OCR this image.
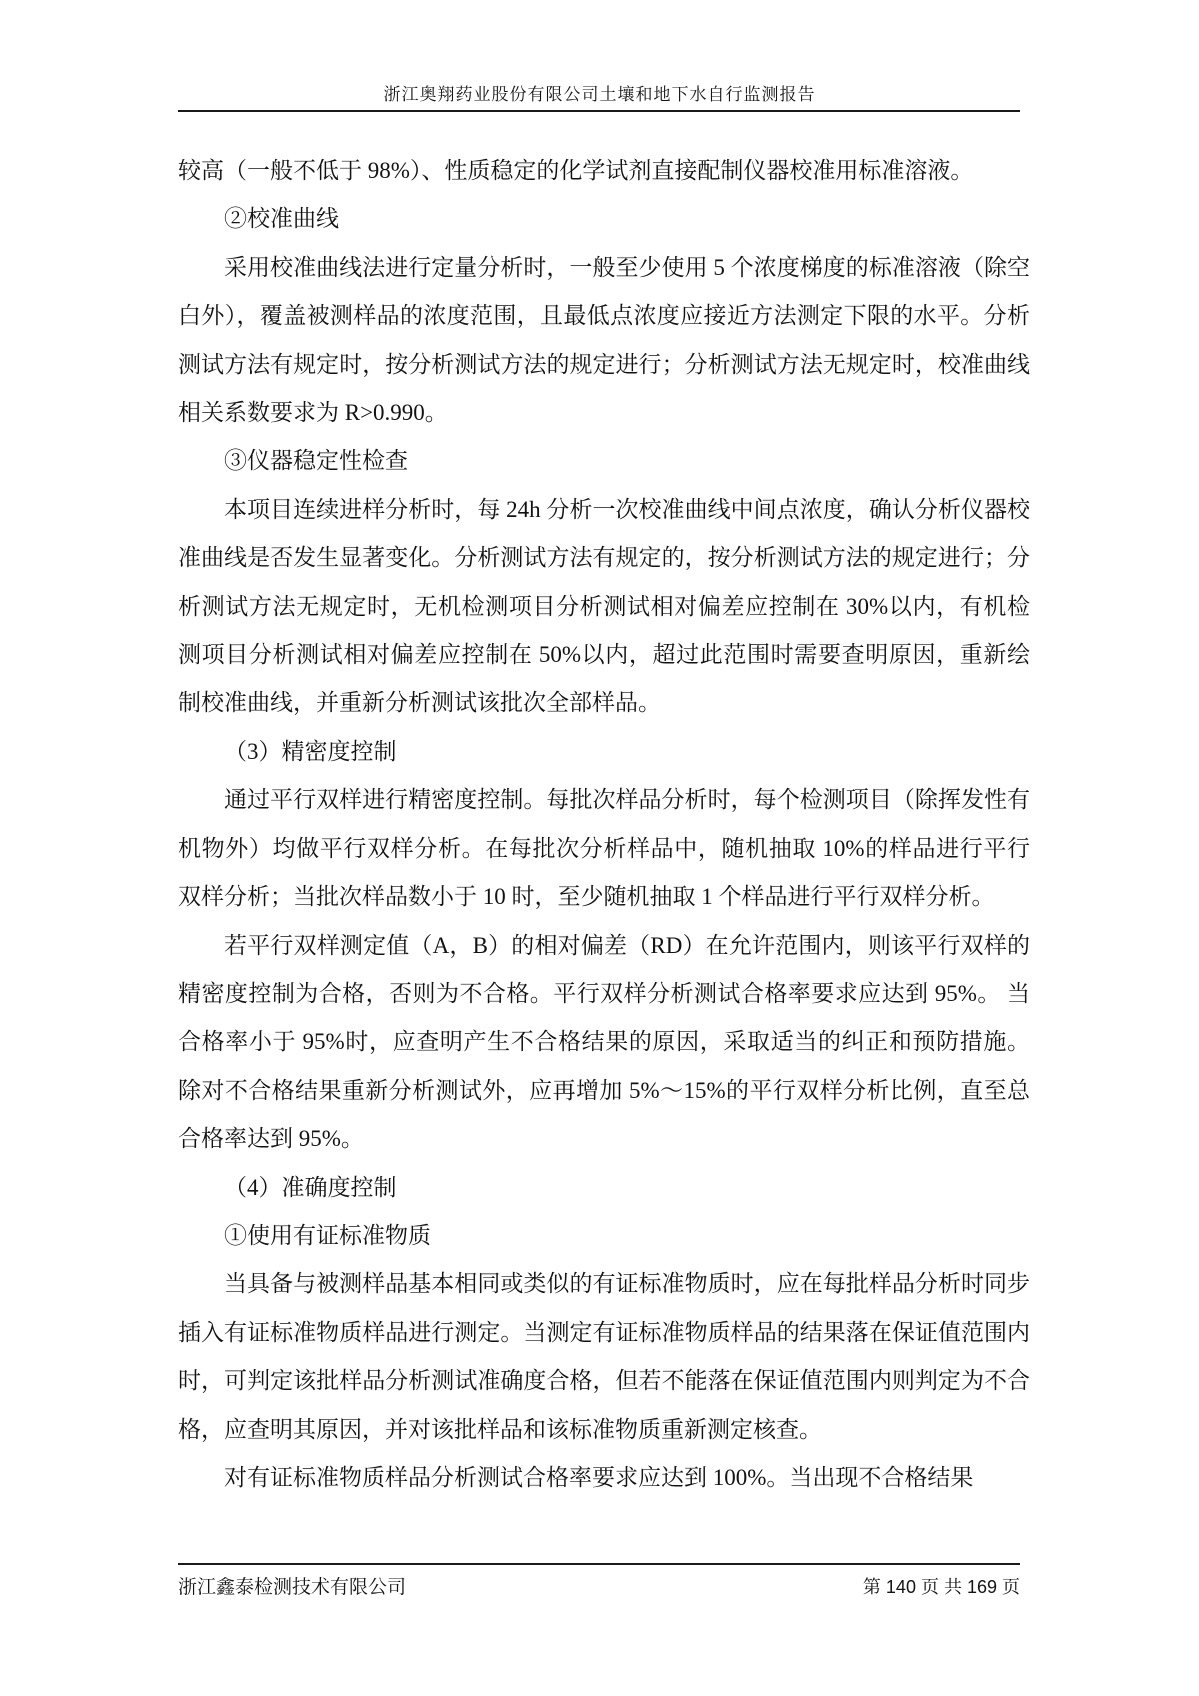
浙江奥翔药业股份有限公司土壤和地下水自行监测报告

较高（一般不低于 98%）、性质稳定的化学试剂直接配制仪器校准用标准溶液。

②校准曲线

采用校准曲线法进行定量分析时，一般至少使用 5 个浓度梯度的标准溶液（除空白外），覆盖被测样品的浓度范围，且最低点浓度应接近方法测定下限的水平。分析测试方法有规定时，按分析测试方法的规定进行；分析测试方法无规定时，校准曲线相关系数要求为 R>0.990。

③仪器稳定性检查

本项目连续进样分析时，每 24h 分析一次校准曲线中间点浓度，确认分析仪器校准曲线是否发生显著变化。分析测试方法有规定的，按分析测试方法的规定进行；分析测试方法无规定时，无机检测项目分析测试相对偏差应控制在 30%以内，有机检测项目分析测试相对偏差应控制在 50%以内，超过此范围时需要查明原因，重新绘制校准曲线，并重新分析测试该批次全部样品。

（3）精密度控制

通过平行双样进行精密度控制。每批次样品分析时，每个检测项目（除挥发性有机物外）均做平行双样分析。在每批次分析样品中，随机抽取 10%的样品进行平行双样分析；当批次样品数小于 10 时，至少随机抽取 1 个样品进行平行双样分析。

若平行双样测定值（A，B）的相对偏差（RD）在允许范围内，则该平行双样的精密度控制为合格，否则为不合格。平行双样分析测试合格率要求应达到 95%。 当合格率小于 95%时，应查明产生不合格结果的原因，采取适当的纠正和预防措施。除对不合格结果重新分析测试外，应再增加 5%～15%的平行双样分析比例，直至总合格率达到 95%。

（4）准确度控制

①使用有证标准物质

当具备与被测样品基本相同或类似的有证标准物质时，应在每批样品分析时同步插入有证标准物质样品进行测定。当测定有证标准物质样品的结果落在保证值范围内时，可判定该批样品分析测试准确度合格，但若不能落在保证值范围内则判定为不合格，应查明其原因，并对该批样品和该标准物质重新测定核查。

对有证标准物质样品分析测试合格率要求应达到 100%。当出现不合格结果

浙江鑫泰检测技术有限公司	第 140 页 共 169 页
